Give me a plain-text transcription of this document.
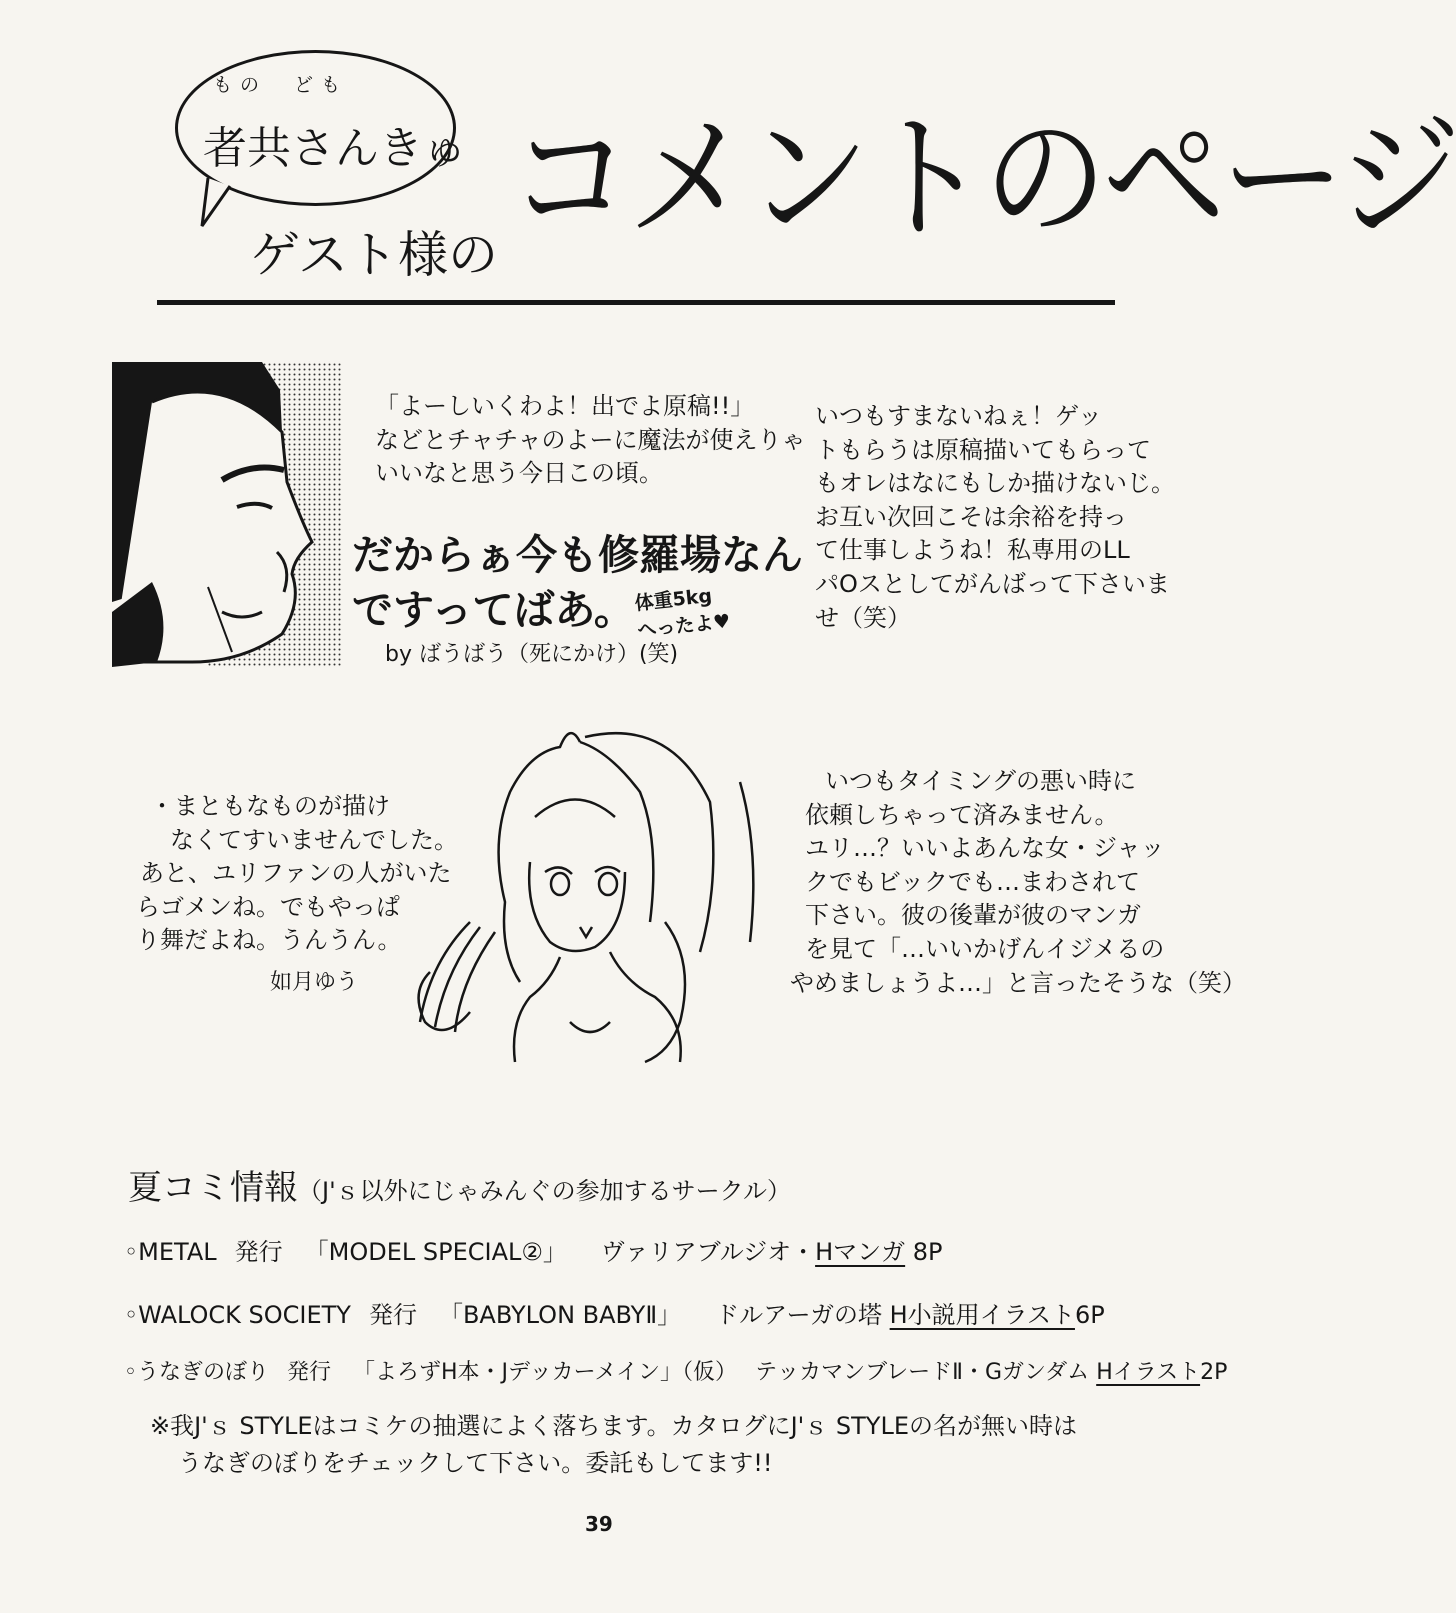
もの　ども
者共さんきゅ
ゲスト様の コメントのページ
「よーしいくわよ！出でよ原稿!!」
などとチャチャのよーに魔法が使えりゃ
いいなと思う今日この頃。
だからぁ今も修羅場なん
ですってばあ。
体重5kg
へったよ♥
by ばうばう（死にかけ）(笑)
いつもすまないねぇ！ゲッ
トもらうは原稿描いてもらって
もオレはなにもしか描けないじ。
お互い次回こそは余裕を持っ
て仕事しようね！私専用のLL
パOスとしてがんばって下さいま
せ（笑）
・まともなものが描け
なくてすいませんでした。
あと、ユリファンの人がいた
らゴメンね。でもやっぱ
り舞だよね。うんうん。
如月ゆう
いつもタイミングの悪い時に
依頼しちゃって済みません。
ユリ…？いいよあんな女・ジャッ
クでもビックでも…まわされて
下さい。彼の後輩が彼のマンガ
を見て「…いいかげんイジメるの
やめましょうよ…」と言ったそうな（笑）
夏コミ情報（J'ｓ以外にじゃみんぐの参加するサークル）
◦METAL 発行 「MODEL SPECIAL②」 ヴァリアブルジオ・Hマンガ 8P
◦WALOCK SOCIETY 発行 「BABYLON BABYⅡ」 ドルアーガの塔 H小説用イラスト6P
◦うなぎのぼり 発行 「よろずH本・Jデッカーメイン」（仮） テッカマンブレードⅡ・Gガンダム Hイラスト2P
※我J'ｓ STYLEはコミケの抽選によく落ちます。カタログにJ'ｓ STYLEの名が無い時は
うなぎのぼりをチェックして下さい。委託もしてます!!
39
